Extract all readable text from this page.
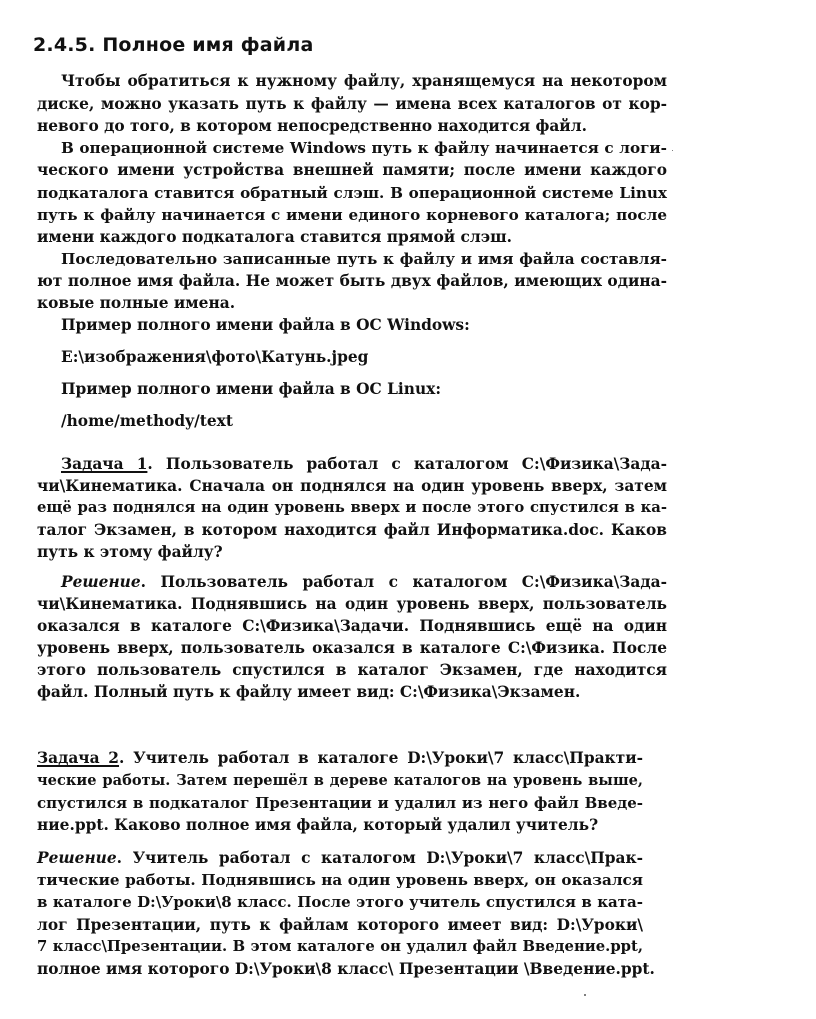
2.4.5. Полное имя файла
Чтобы обратиться к нужному файлу, хранящемуся на некотором
диске, можно указать путь к файлу — имена всех каталогов от кор-
невого до того, в котором непосредственно находится файл.
В операционной системе Windows путь к файлу начинается с логи-
ческого имени устройства внешней памяти; после имени каждого
подкаталога ставится обратный слэш. В операционной системе Linux
путь к файлу начинается с имени единого корневого каталога; после
имени каждого подкаталога ставится прямой слэш.
Последовательно записанные путь к файлу и имя файла составля-
ют полное имя файла. Не может быть двух файлов, имеющих одина-
ковые полные имена.
Пример полного имени файла в ОС Windows:
E:\изображения\фото\Катунь.jpeg
Пример полного имени файла в ОС Linux:
/home/methody/text
Задача 1. Пользователь работал с каталогом C:\Физика\Зада-
чи\Кинематика. Сначала он поднялся на один уровень вверх, затем
ещё раз поднялся на один уровень вверх и после этого спустился в ка-
талог Экзамен, в котором находится файл Информатика.doc. Каков
путь к этому файлу?
Решение. Пользователь работал с каталогом C:\Физика\Зада-
чи\Кинематика. Поднявшись на один уровень вверх, пользователь
оказался в каталоге C:\Физика\Задачи. Поднявшись ещё на один
уровень вверх, пользователь оказался в каталоге C:\Физика. После
этого пользователь спустился в каталог Экзамен, где находится
файл. Полный путь к файлу имеет вид: C:\Физика\Экзамен.
Задача 2. Учитель работал в каталоге D:\Уроки\7 класс\Практи-
ческие работы. Затем перешёл в дереве каталогов на уровень выше,
спустился в подкаталог Презентации и удалил из него файл Введе-
ние.ppt. Каково полное имя файла, который удалил учитель?
Решение. Учитель работал с каталогом D:\Уроки\7 класс\Прак-
тические работы. Поднявшись на один уровень вверх, он оказался
в каталоге D:\Уроки\8 класс. После этого учитель спустился в ката-
лог Презентации, путь к файлам которого имеет вид: D:\Уроки\
7 класс\Презентации. В этом каталоге он удалил файл Введение.ppt,
полное имя которого D:\Уроки\8 класс\ Презентации \Введение.ppt.
